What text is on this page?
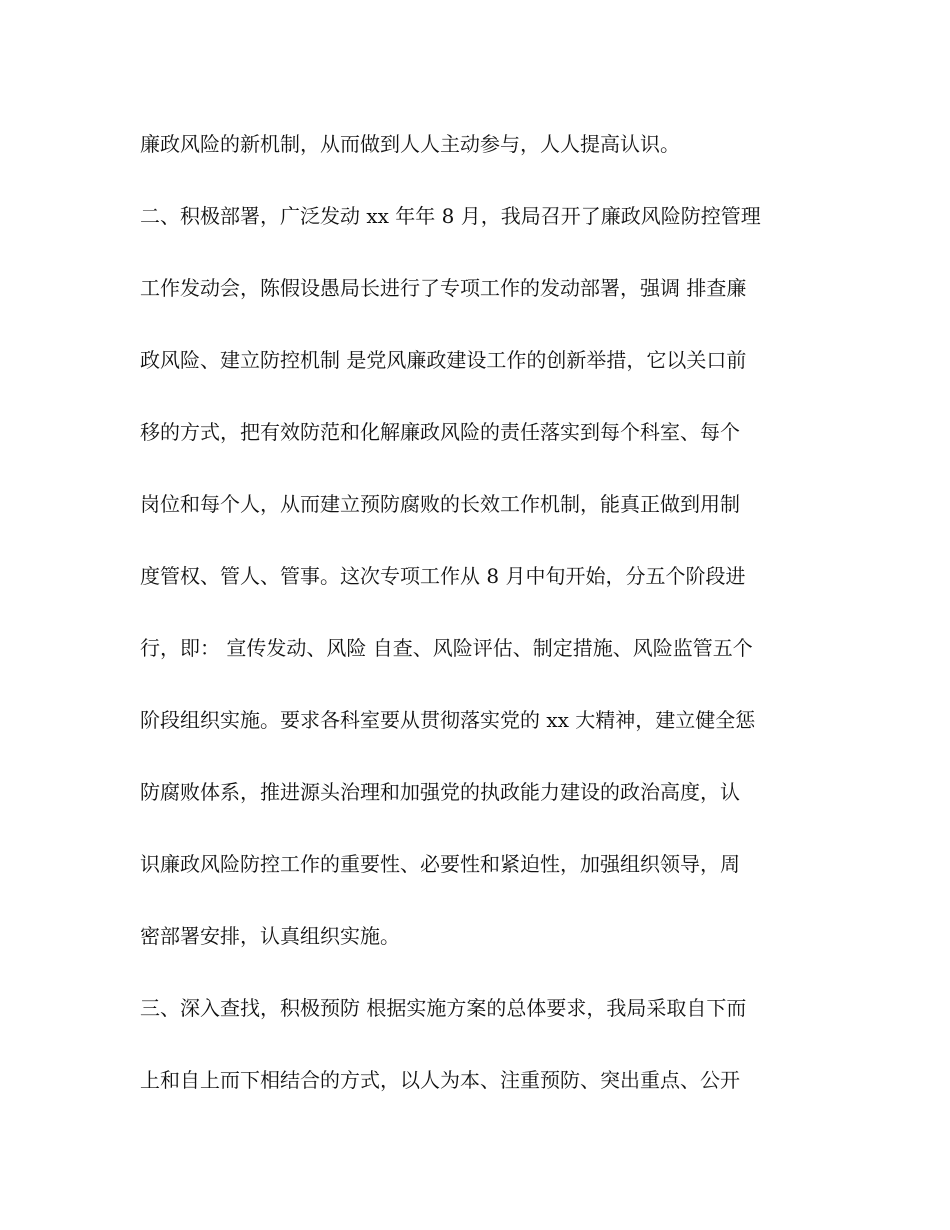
廉政风险的新机制，从而做到人人主动参与，人人提高认识。
二、积极部署，广泛发动 xx 年年 8 月，我局召开了廉政风险防控管理
工作发动会，陈假设愚局长进行了专项工作的发动部署，强调 排查廉
政风险、建立防控机制 是党风廉政建设工作的创新举措，它以关口前
移的方式，把有效防范和化解廉政风险的责任落实到每个科室、每个
岗位和每个人，从而建立预防腐败的长效工作机制，能真正做到用制
度管权、管人、管事。这次专项工作从 8 月中旬开始，分五个阶段进
行，即： 宣传发动、风险 自查、风险评估、制定措施、风险监管五个
阶段组织实施。要求各科室要从贯彻落实党的 xx 大精神，建立健全惩
防腐败体系，推进源头治理和加强党的执政能力建设的政治高度，认
识廉政风险防控工作的重要性、必要性和紧迫性，加强组织领导，周
密部署安排，认真组织实施。
三、深入查找，积极预防 根据实施方案的总体要求，我局采取自下而
上和自上而下相结合的方式，以人为本、注重预防、突出重点、公开
